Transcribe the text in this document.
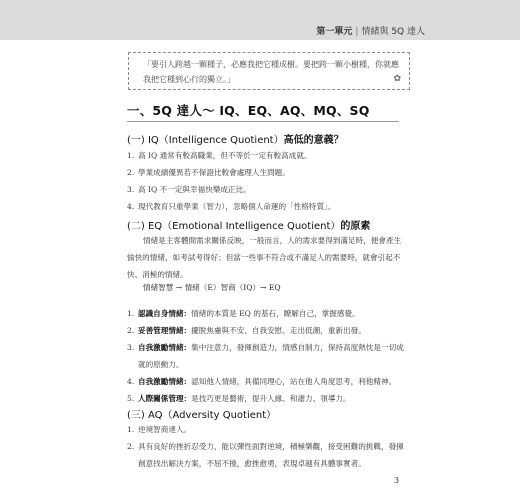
第一單元 | 情緒與 5Q 達人
「要引人跨越一顆種子，必應我把它種成樹。要把跨一顆小樹種，你就應
我把它種到心行的獨立。」	✿
一、5Q 達人～ IQ、EQ、AQ、MQ、SQ
(一) IQ（Intelligence Quotient）高低的意義？
1. 高 IQ 通常有較高職業，但不等於一定有較高成就。
2. 學業成績優異若不保證比較會處理人生問題。
3. 高 IQ 不一定與幸福快樂成正比。
4. 現代教育只重學業（智力），忽略個人命運的「性格特質」。
(二) EQ（Emotional Intelligence Quotient）的原素
情緒是主客體間需求關係反映，一般而言，人的需求要得到滿足時，便會產生
愉快的情緒，如考試考得好；但當一些事不符合或不滿足人的需要時，就會引起不
快、消極的情緒。
情緒智慧 → 情緒（E）智商（IQ）→ EQ
1. 認識自身情緒：情緒的本質是 EQ 的基石，瞭解自己，掌握感覺。
2. 妥善管理情緒：擺脫焦慮與不安、自我安慰、走出低潮，重新出發。
3. 自我激勵情緒：集中注意力，發揮創造力，情感自制力，保持高度熱忱是一切成
就的原動力。
4. 自我激勵情緒：認知他人情緒，具備同理心，站在他人角度思考，利他精神。
5. 人際關係管理：是技巧更是藝術，提升人緣、和諧力、領導力。
(三) AQ（Adversity Quotient）
1. 逆境智商達人。
2. 具有良好的挫折忍受力，能以彈性面對逆境，積極樂觀，接受困難的挑戰，發揮
創意找出解決方案，不屈不撓，愈挫愈勇，表現卓越有具體事實者。
3
